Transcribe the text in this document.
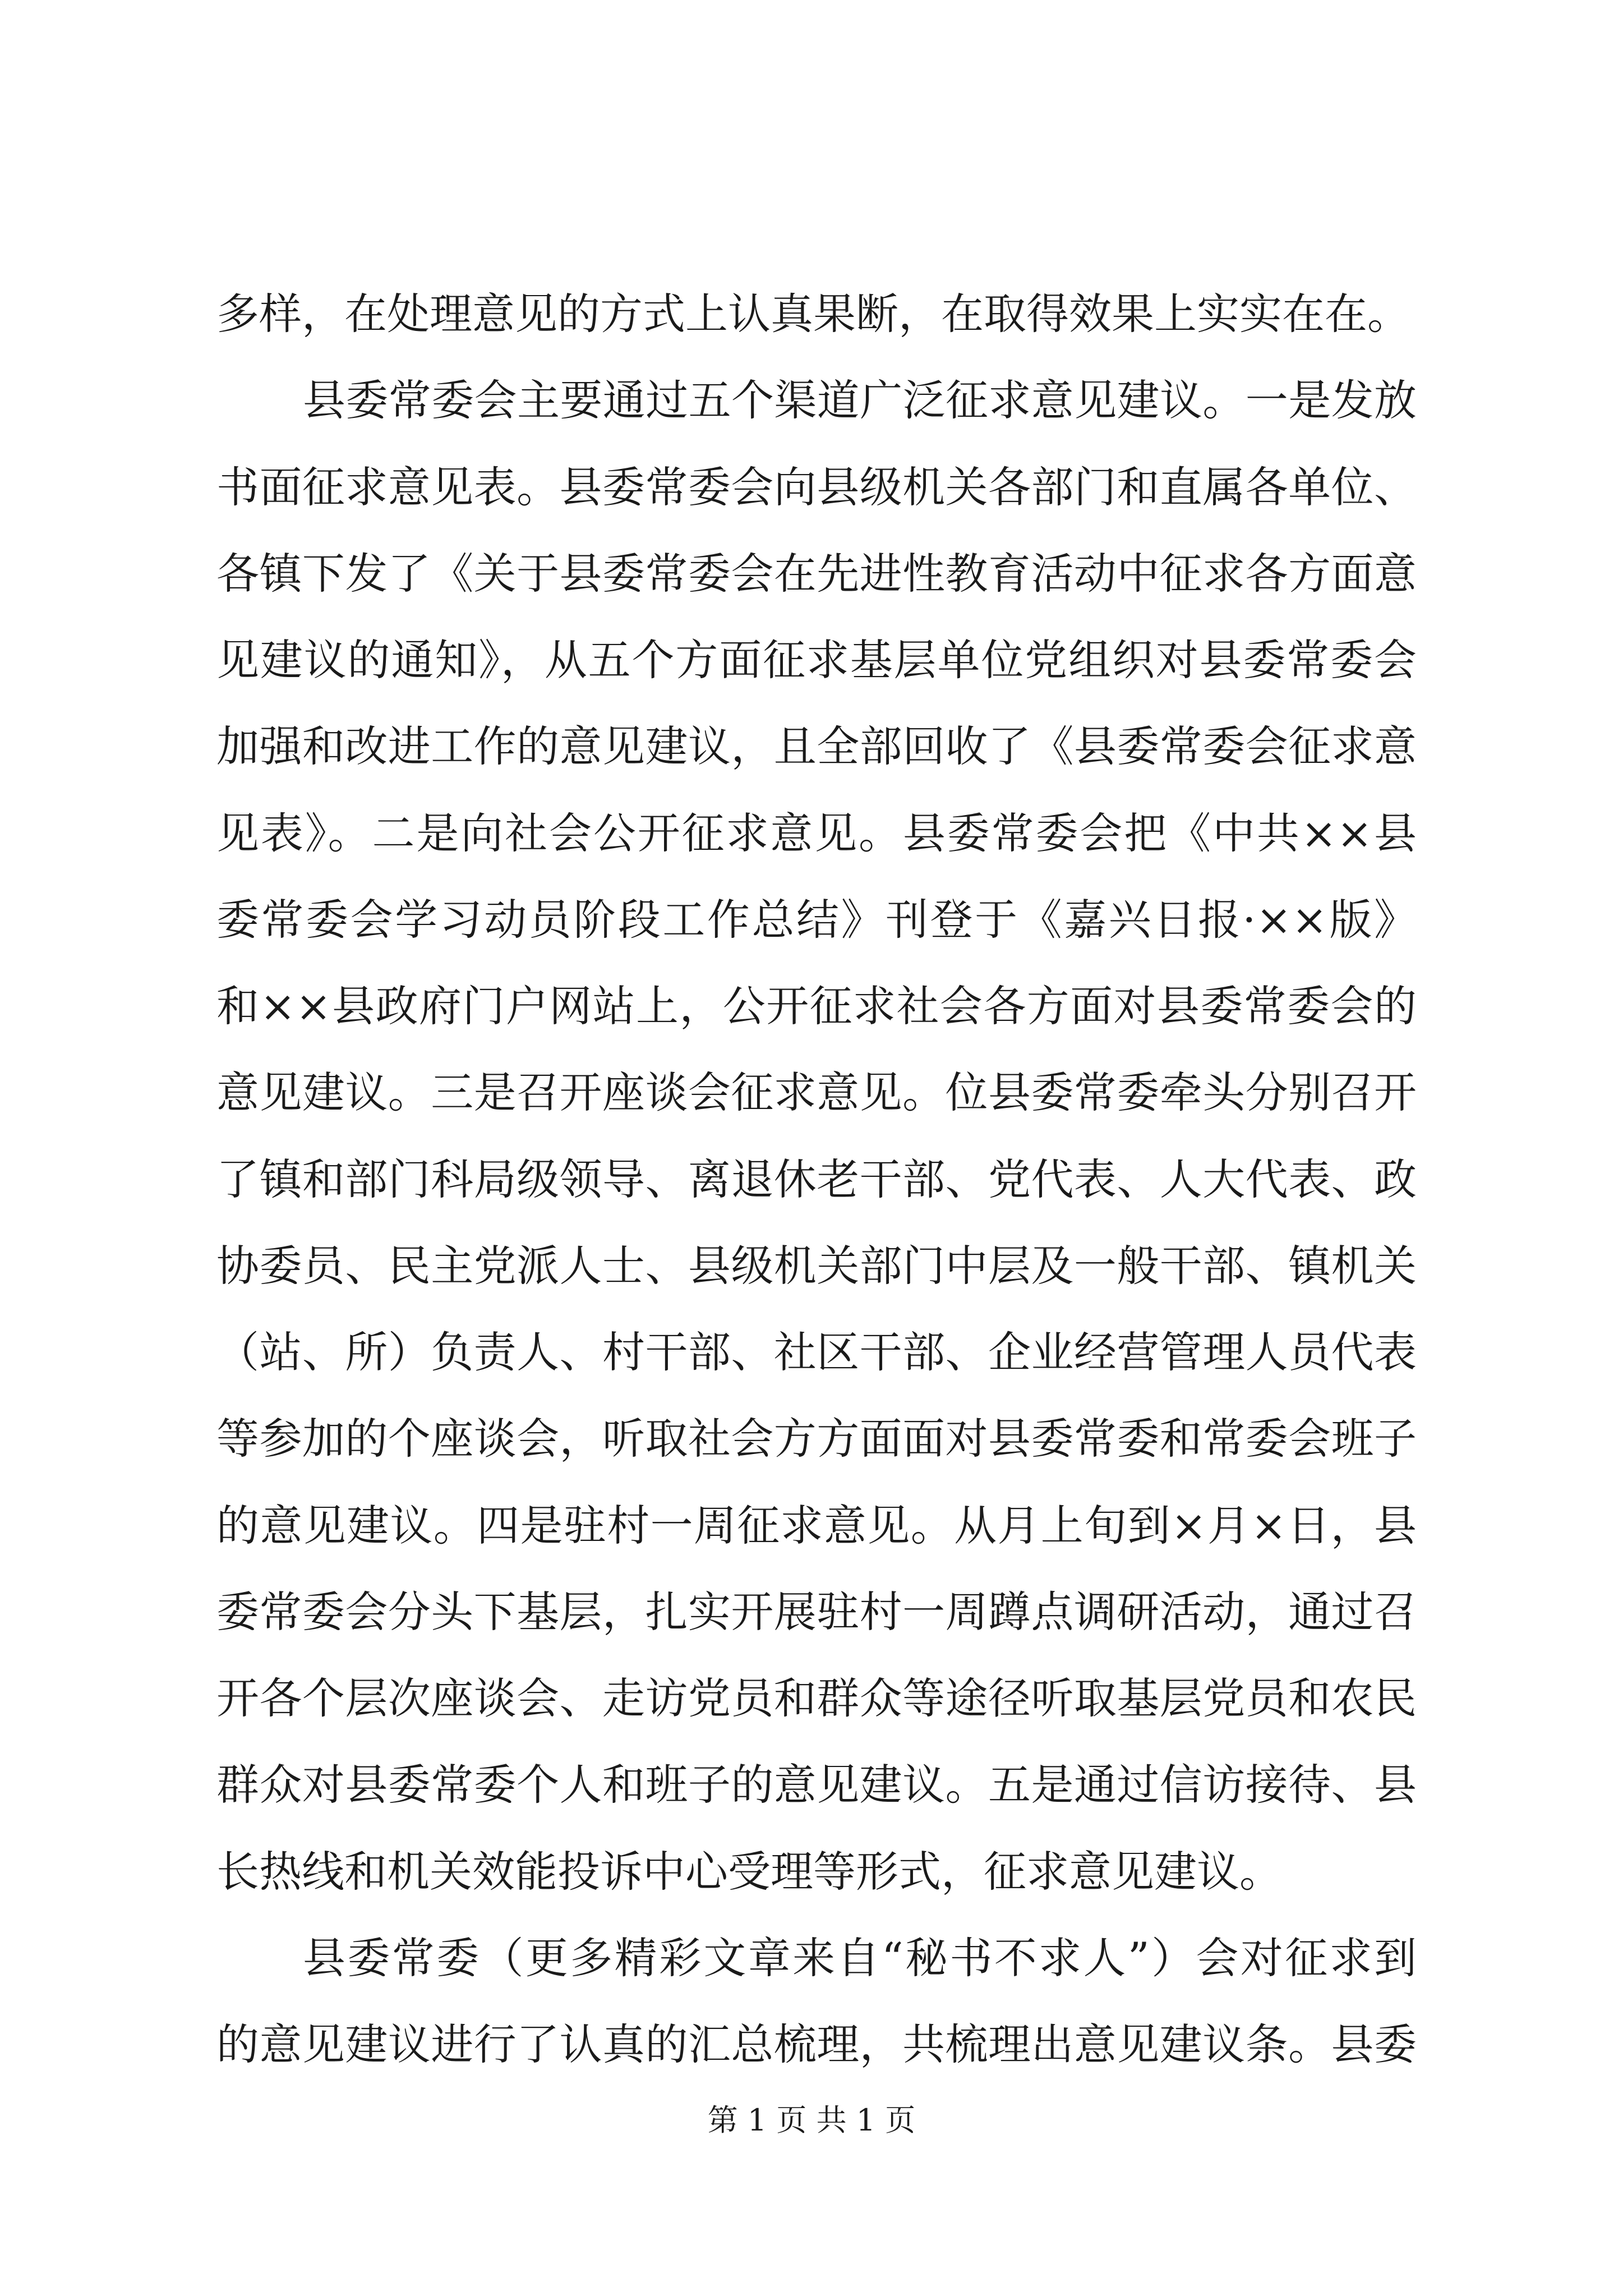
多样，在处理意见的方式上认真果断，在取得效果上实实在在。
县委常委会主要通过五个渠道广泛征求意见建议。一是发放
书面征求意见表。县委常委会向县级机关各部门和直属各单位、
各镇下发了《关于县委常委会在先进性教育活动中征求各方面意
见建议的通知》，从五个方面征求基层单位党组织对县委常委会
加强和改进工作的意见建议，且全部回收了《县委常委会征求意
见表》。二是向社会公开征求意见。县委常委会把《中共××县
委常委会学习动员阶段工作总结》刊登于《嘉兴日报·××版》
和××县政府门户网站上，公开征求社会各方面对县委常委会的
意见建议。三是召开座谈会征求意见。位县委常委牵头分别召开
了镇和部门科局级领导、离退休老干部、党代表、人大代表、政
协委员、民主党派人士、县级机关部门中层及一般干部、镇机关
（站、所）负责人、村干部、社区干部、企业经营管理人员代表
等参加的个座谈会，听取社会方方面面对县委常委和常委会班子
的意见建议。四是驻村一周征求意见。从月上旬到×月×日，县
委常委会分头下基层，扎实开展驻村一周蹲点调研活动，通过召
开各个层次座谈会、走访党员和群众等途径听取基层党员和农民
群众对县委常委个人和班子的意见建议。五是通过信访接待、县
长热线和机关效能投诉中心受理等形式，征求意见建议。
县委常委（更多精彩文章来自“秘书不求人”）会对征求到
的意见建议进行了认真的汇总梳理，共梳理出意见建议条。县委
第 1 页 共 1 页
